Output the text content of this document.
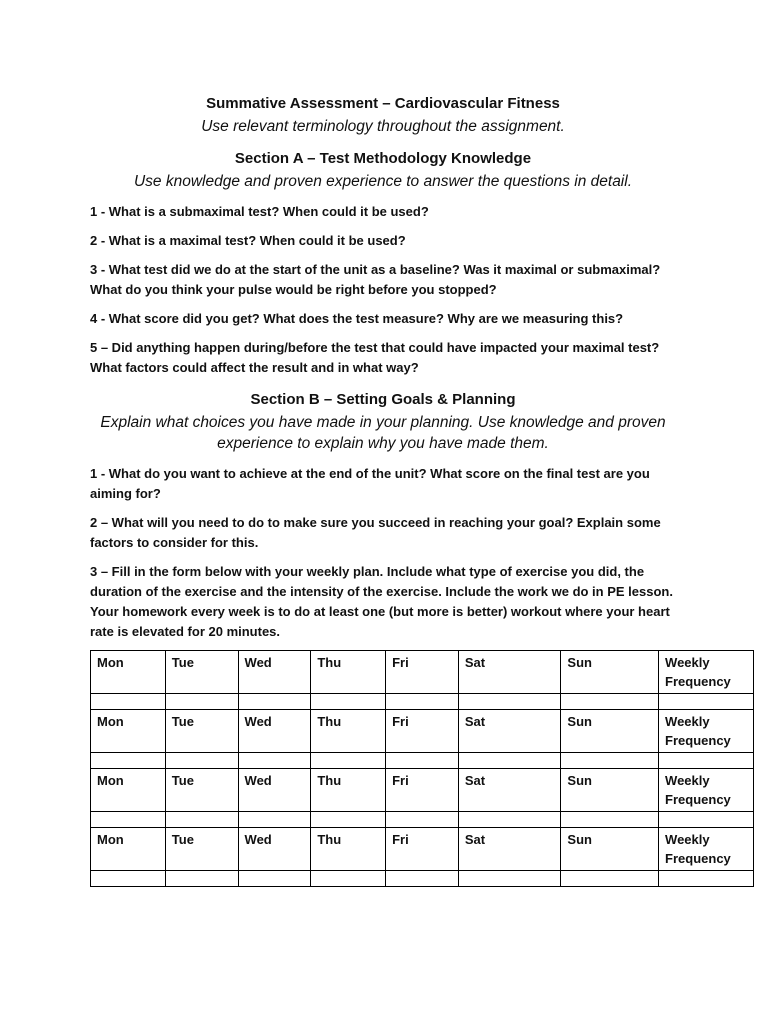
Summative Assessment – Cardiovascular Fitness

Use relevant terminology throughout the assignment.

Section A – Test Methodology Knowledge

Use knowledge and proven experience to answer the questions in detail.

1 - What is a submaximal test? When could it be used?

2 - What is a maximal test? When could it be used?

3 - What test did we do at the start of the unit as a baseline? Was it maximal or submaximal? What do you think your pulse would be right before you stopped?

4 - What score did you get? What does the test measure? Why are we measuring this?

5 – Did anything happen during/before the test that could have impacted your maximal test? What factors could affect the result and in what way?

Section B – Setting Goals & Planning

Explain what choices you have made in your planning. Use knowledge and proven experience to explain why you have made them.

1 - What do you want to achieve at the end of the unit? What score on the final test are you aiming for?

2 – What will you need to do to make sure you succeed in reaching your goal? Explain some factors to consider for this.

3 – Fill in the form below with your weekly plan. Include what type of exercise you did, the duration of the exercise and the intensity of the exercise. Include the work we do in PE lesson. Your homework every week is to do at least one (but more is better) workout where your heart rate is elevated for 20 minutes.

Mon	Tue	Wed	Thu	Fri	Sat	Sun	Weekly Frequency

Mon	Tue	Wed	Thu	Fri	Sat	Sun	Weekly Frequency

Mon	Tue	Wed	Thu	Fri	Sat	Sun	Weekly Frequency

Mon	Tue	Wed	Thu	Fri	Sat	Sun	Weekly Frequency
